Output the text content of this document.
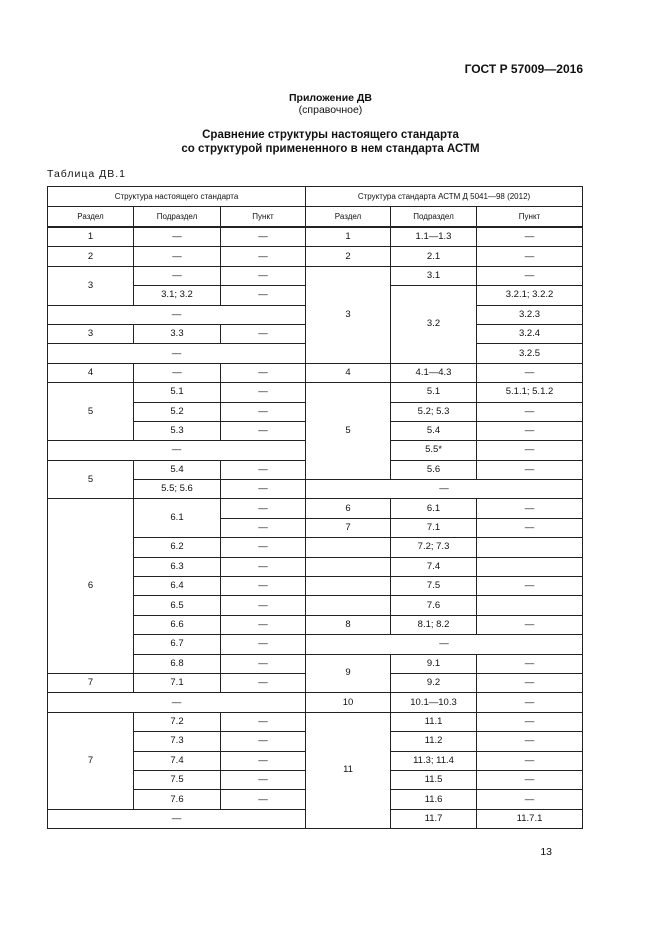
ГОСТ Р 57009—2016
Приложение ДВ
(справочное)
Сравнение структуры настоящего стандарта
со структурой примененного в нем стандарта АСТМ
Таблица ДВ.1
Структура настоящего стандарта			Структура стандарта АСТМ Д 5041—98 (2012)		
Раздел	Подраздел	Пункт	Раздел	Подраздел	Пункт
1	—	—	1	1.1—1.3	—
2	—	—	2	2.1	—
3	—	—	3	3.1	—
	3.1; 3.2	—		3.2	3.2.1; 3.2.2
—					3.2.3
3	3.3	—			3.2.4
—					3.2.5
4	—	—	4	4.1—4.3	—
5	5.1	—	5	5.1	5.1.1; 5.1.2
	5.2	—		5.2; 5.3	—
	5.3	—		5.4	—
—				5.5*	—
5	5.4	—		5.6	—
	5.5; 5.6	—	—		
6	6.1	—	6	6.1	—
		—	7	7.1	—
	6.2	—		7.2; 7.3	
	6.3	—		7.4	
	6.4	—		7.5	—
	6.5	—		7.6	
	6.6	—	8	8.1; 8.2	—
	6.7	—	—		
	6.8	—	9	9.1	—
7	7.1	—		9.2	—
—			10	10.1—10.3	—
7	7.2	—	11	11.1	—
	7.3	—		11.2	—
	7.4	—		11.3; 11.4	—
	7.5	—		11.5	—
	7.6	—		11.6	—
—				11.7	11.7.1
13
